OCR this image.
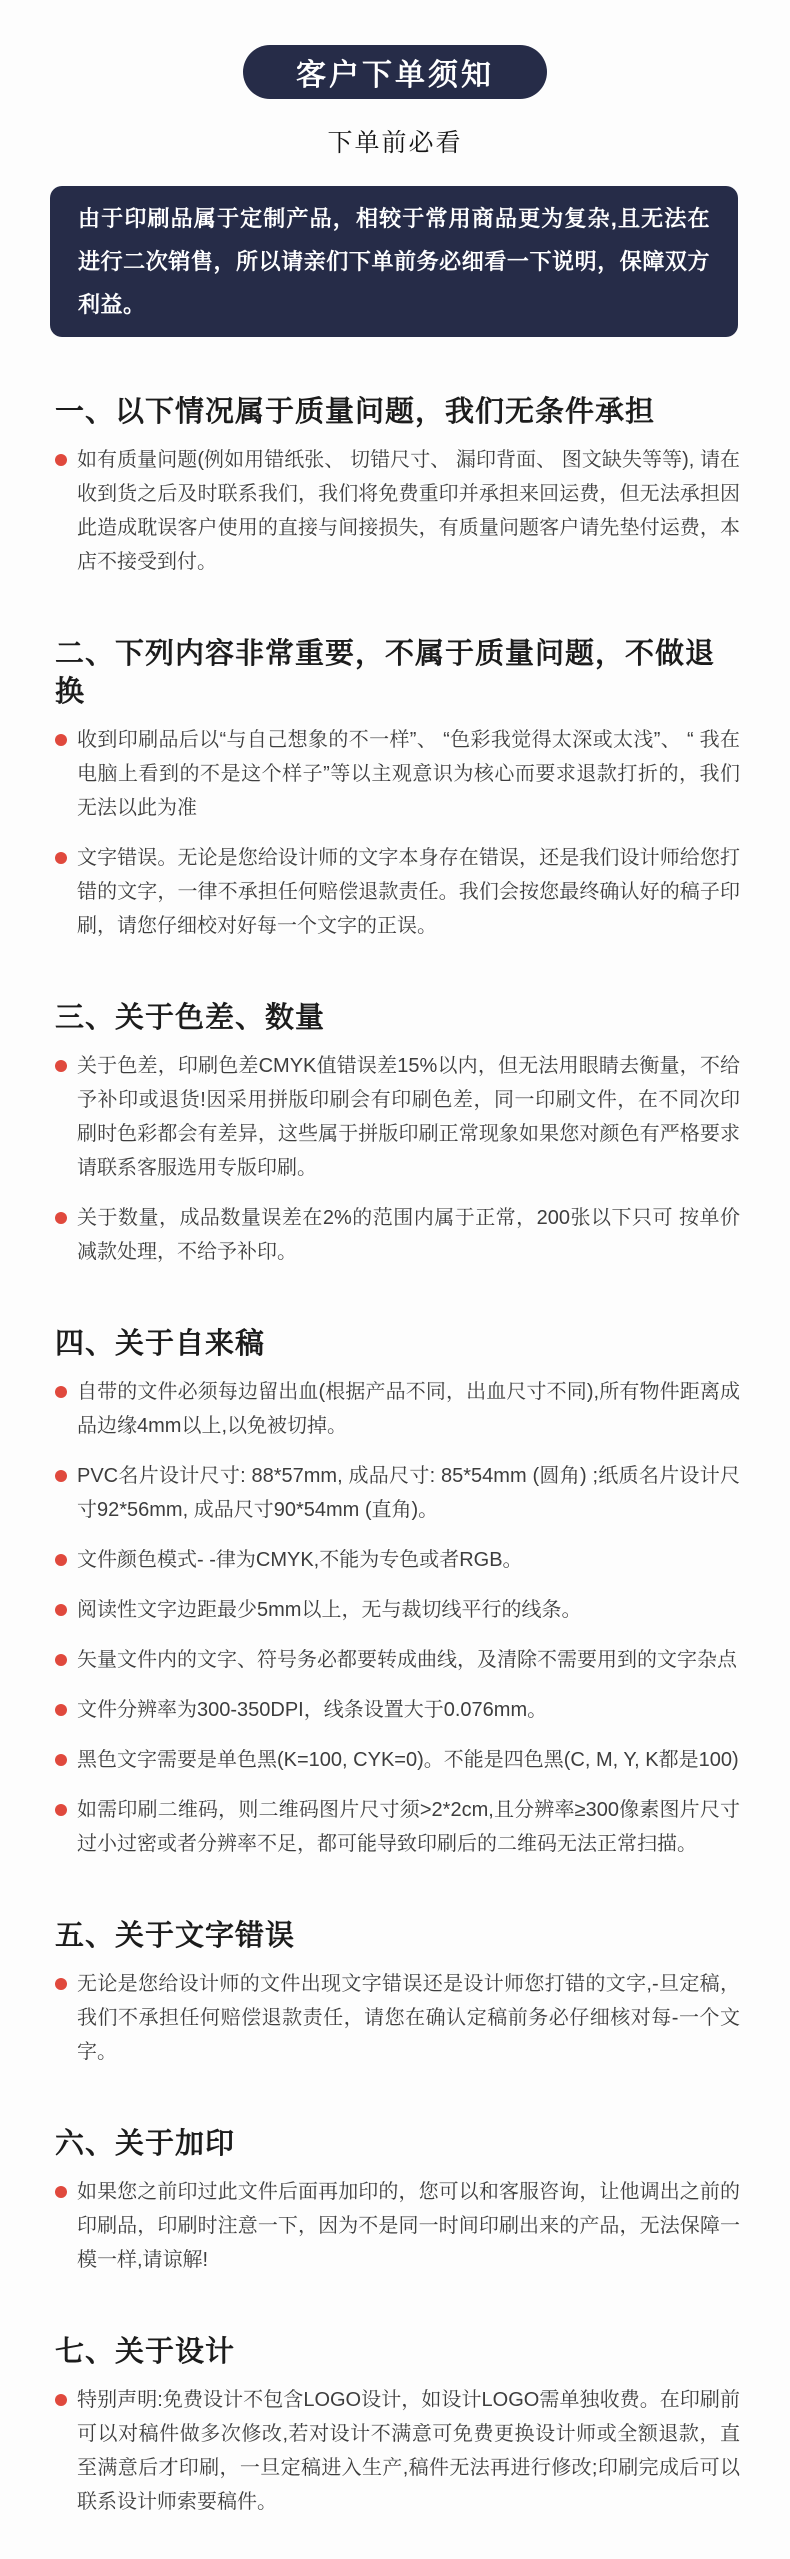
客户下单须知
下单前必看
由于印刷品属于定制产品，相较于常用商品更为复杂,且无法在进行二次销售，所以请亲们下单前务必细看一下说明，保障双方利益。
一、以下情况属于质量问题，我们无条件承担
如有质量问题(例如用错纸张、 切错尺寸、 漏印背面、 图文缺失等等), 请在收到货之后及时联系我们，我们将免费重印并承担来回运费，但无法承担因此造成耽误客户使用的直接与间接损失，有质量问题客户请先垫付运费，本店不接受到付。
二、下列内容非常重要，不属于质量问题，不做退换
收到印刷品后以“与自己想象的不一样”、 “色彩我觉得太深或太浅”、 “ 我在电脑上看到的不是这个样子”等以主观意识为核心而要求退款打折的，我们无法以此为准
文字错误。无论是您给设计师的文字本身存在错误，还是我们设计师给您打错的文字，一律不承担任何赔偿退款责任。我们会按您最终确认好的稿子印刷，请您仔细校对好每一个文字的正误。
三、关于色差、数量
关于色差，印刷色差CMYK值错误差15%以内，但无法用眼睛去衡量，不给予补印或退货!因采用拼版印刷会有印刷色差，同一印刷文件，在不同次印刷时色彩都会有差异，这些属于拼版印刷正常现象如果您对颜色有严格要求请联系客服选用专版印刷。
关于数量，成品数量误差在2%的范围内属于正常，200张以下只可 按单价减款处理，不给予补印。
四、关于自来稿
自带的文件必须每边留出血(根据产品不同，出血尺寸不同),所有物件距离成品边缘4mm以上,以免被切掉。
PVC名片设计尺寸: 88*57mm, 成品尺寸: 85*54mm (圆角) ;纸质名片设计尺寸92*56mm, 成品尺寸90*54mm (直角)。
文件颜色模式- -律为CMYK,不能为专色或者RGB。
阅读性文字边距最少5mm以上，无与裁切线平行的线条。
矢量文件内的文字、符号务必都要转成曲线，及清除不需要用到的文字杂点
文件分辨率为300-350DPI，线条设置大于0.076mm。
黑色文字需要是单色黑(K=100, CYK=0)。不能是四色黑(C, M, Y, K都是100)
如需印刷二维码，则二维码图片尺寸须>2*2cm,且分辨率≥300像素图片尺寸过小过密或者分辨率不足，都可能导致印刷后的二维码无法正常扫描。
五、关于文字错误
无论是您给设计师的文件出现文字错误还是设计师您打错的文字,-旦定稿，我们不承担任何赔偿退款责任，请您在确认定稿前务必仔细核对每-一个文字。
六、关于加印
如果您之前印过此文件后面再加印的，您可以和客服咨询，让他调出之前的印刷品，印刷时注意一下，因为不是同一时间印刷出来的产品，无法保障一模一样,请谅解!
七、关于设计
特别声明:免费设计不包含LOGO设计，如设计LOGO需单独收费。在印刷前可以对稿件做多次修改,若对设计不满意可免费更换设计师或全额退款，直至满意后才印刷，一旦定稿进入生产,稿件无法再进行修改;印刷完成后可以联系设计师索要稿件。
